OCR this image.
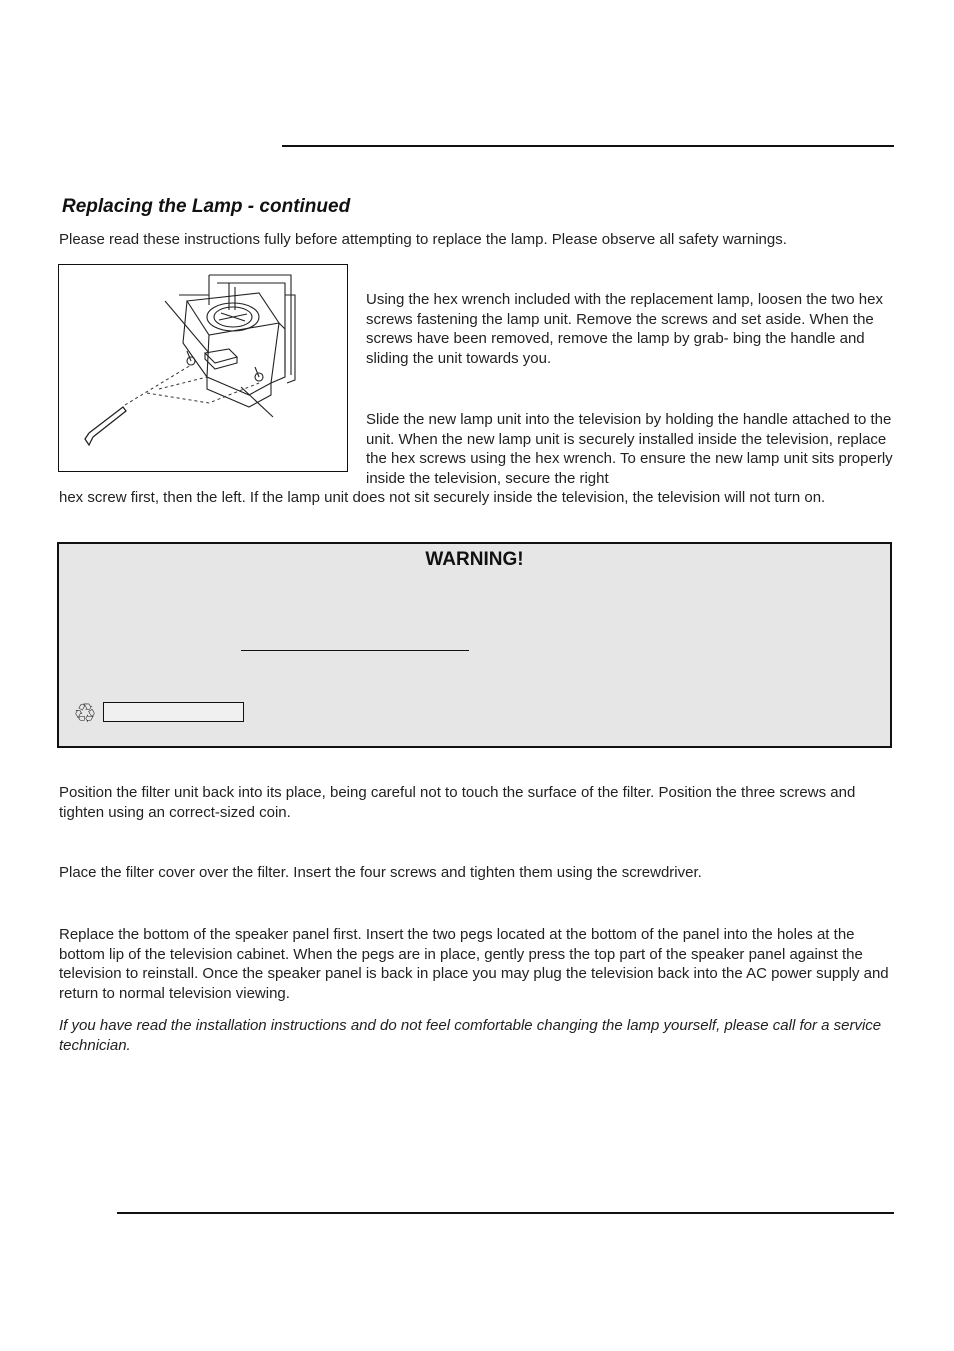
Replacing the Lamp - continued

Please read these instructions fully before attempting to replace the lamp. Please observe all safety warnings.

Using the hex wrench included with the replacement lamp, loosen the two hex screws fastening the lamp unit. Remove the screws and set aside. When the screws have been removed, remove the lamp by grab- bing the handle and sliding the unit towards you.

Slide the new lamp unit into the television by holding the handle attached to the unit. When the new lamp unit is securely installed inside the television, replace the hex screws using the hex wrench. To ensure the new lamp unit sits properly inside the television, secure the right

hex screw first, then the left. If the lamp unit does not sit securely inside the television, the television will not turn on.

WARNING!
♲

Position the filter unit back into its place, being careful not to touch the surface of the filter. Position the three screws and tighten using an correct-sized coin.

Place the filter cover over the filter. Insert the four screws and tighten them using the screwdriver.

Replace the bottom of the speaker panel first. Insert the two pegs located at the bottom of the panel into the holes at the bottom lip of the television cabinet. When the pegs are in place, gently press the top part of the speaker panel against the television to reinstall. Once the speaker panel is back in place you may plug the television back into the AC power supply and return to normal television viewing.

If you have read the installation instructions and do not feel comfortable changing the lamp yourself, please call for a service technician.
